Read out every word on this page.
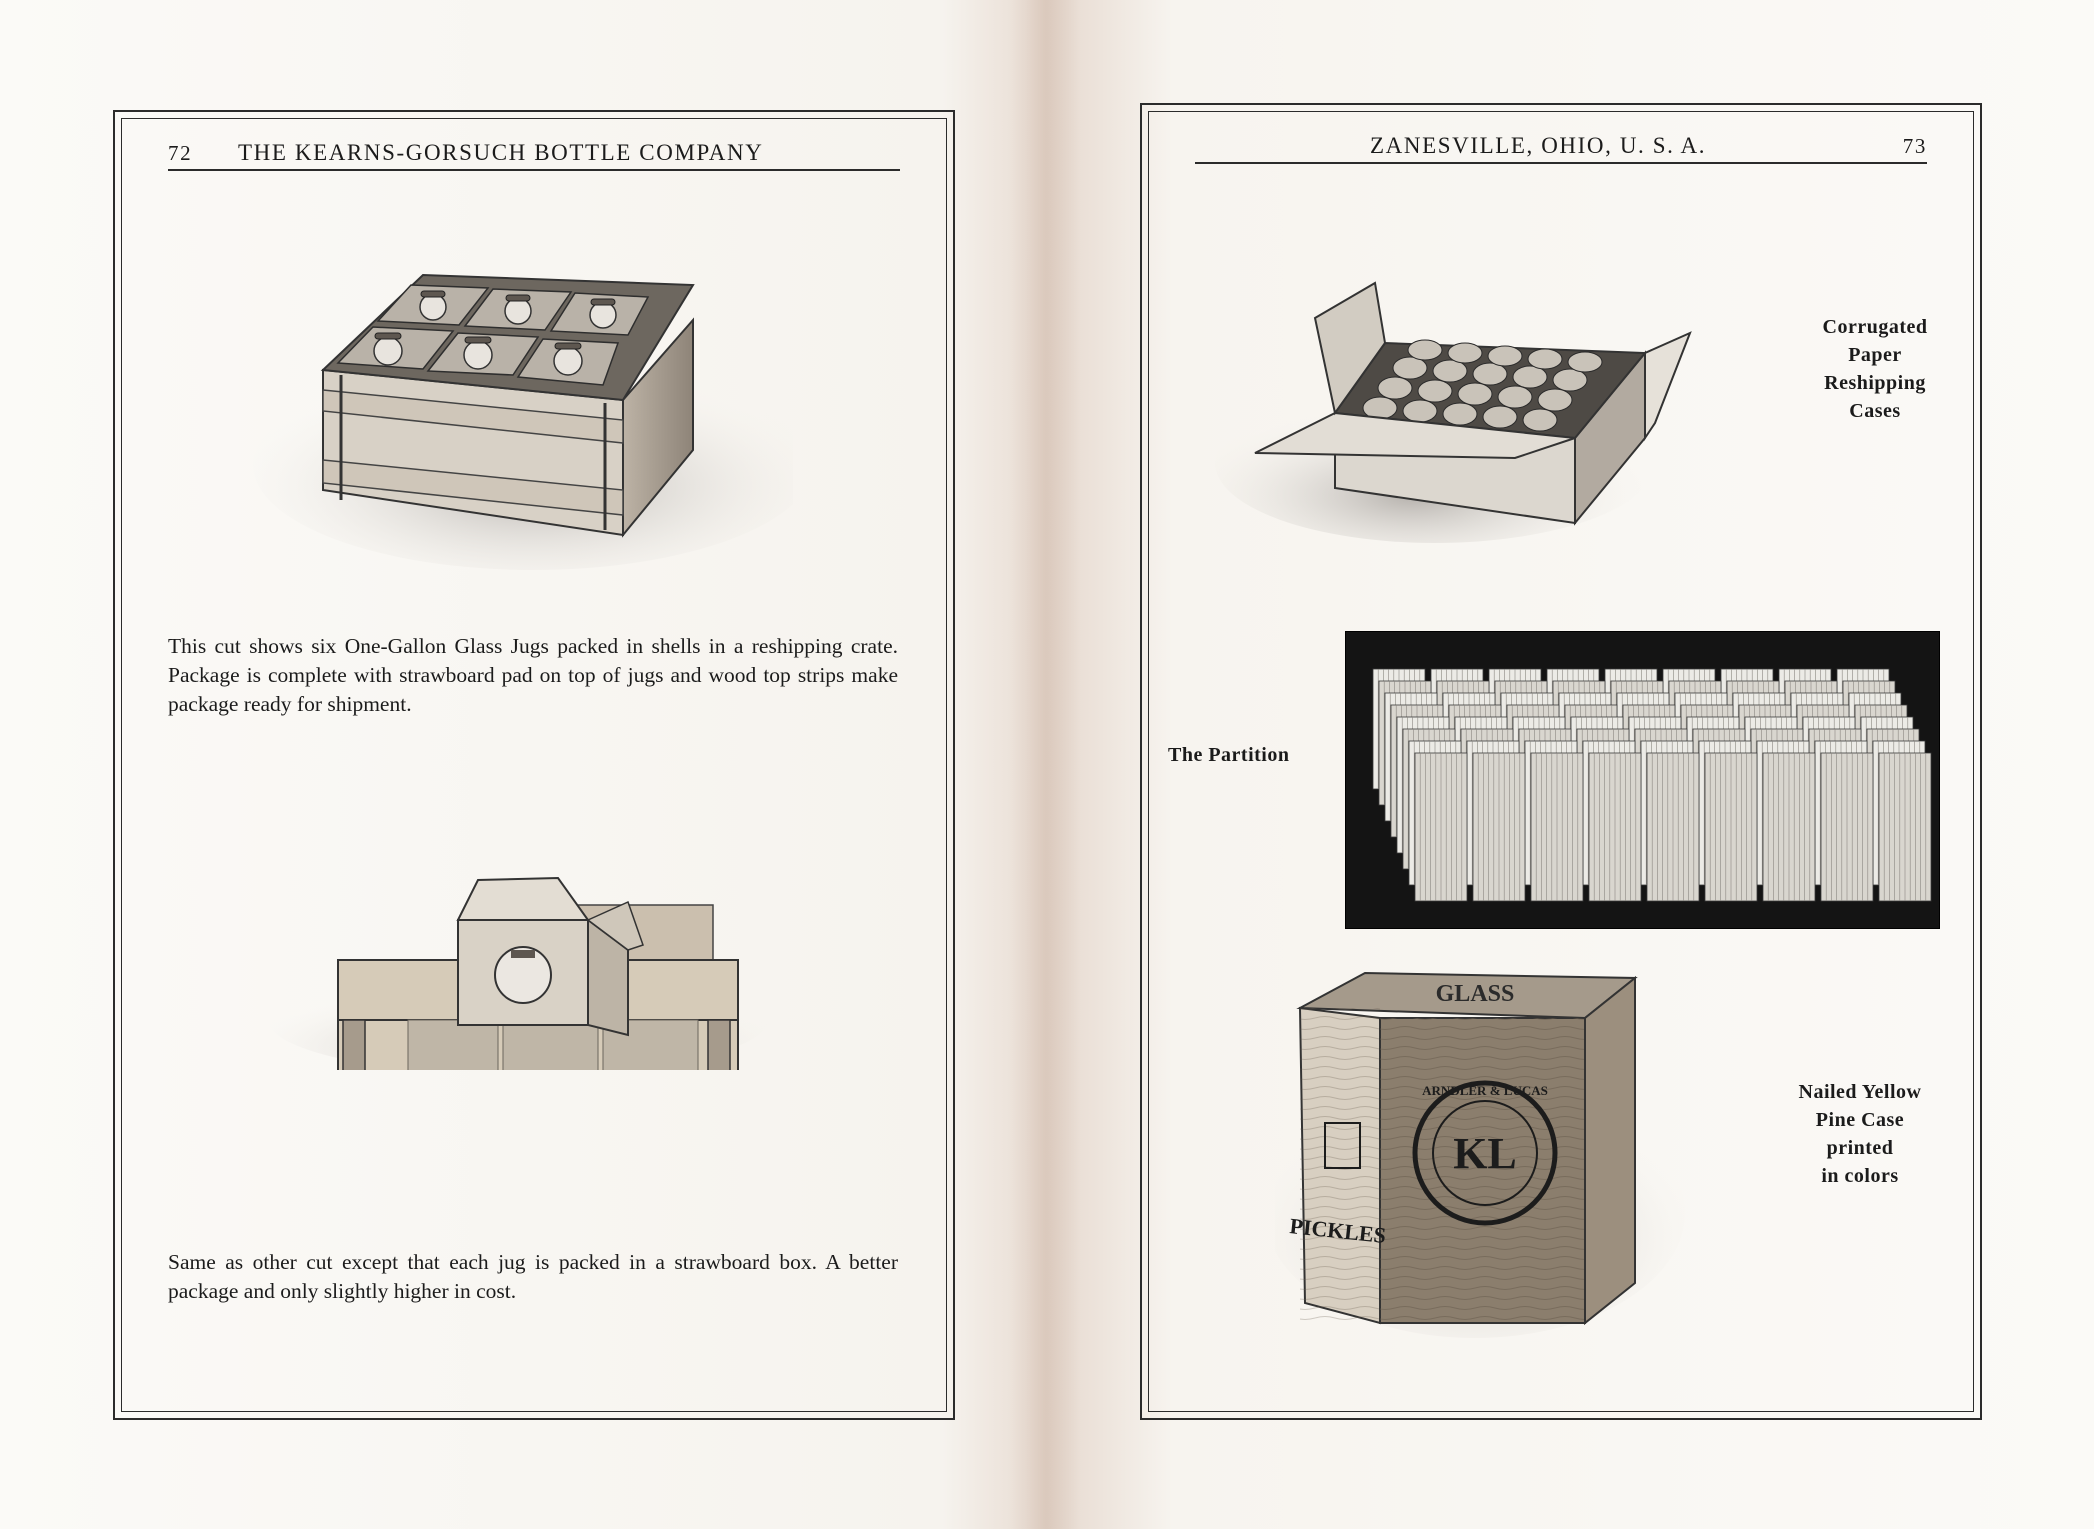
72 THE KEARNS-GORSUCH BOTTLE COMPANY
This cut shows six One-Gallon Glass Jugs packed in shells in a reshipping crate. Package is complete with strawboard pad on top of jugs and wood top strips make package ready for shipment.
Same as other cut except that each jug is packed in a strawboard box. A better package and only slightly higher in cost.
ZANESVILLE, OHIO, U. S. A.	73
Corrugated
Paper
Reshipping
Cases
The Partition
KL
ARNDLER & LUCAS
GLASS
PICKLES
Nailed Yellow
Pine Case
printed
in colors
